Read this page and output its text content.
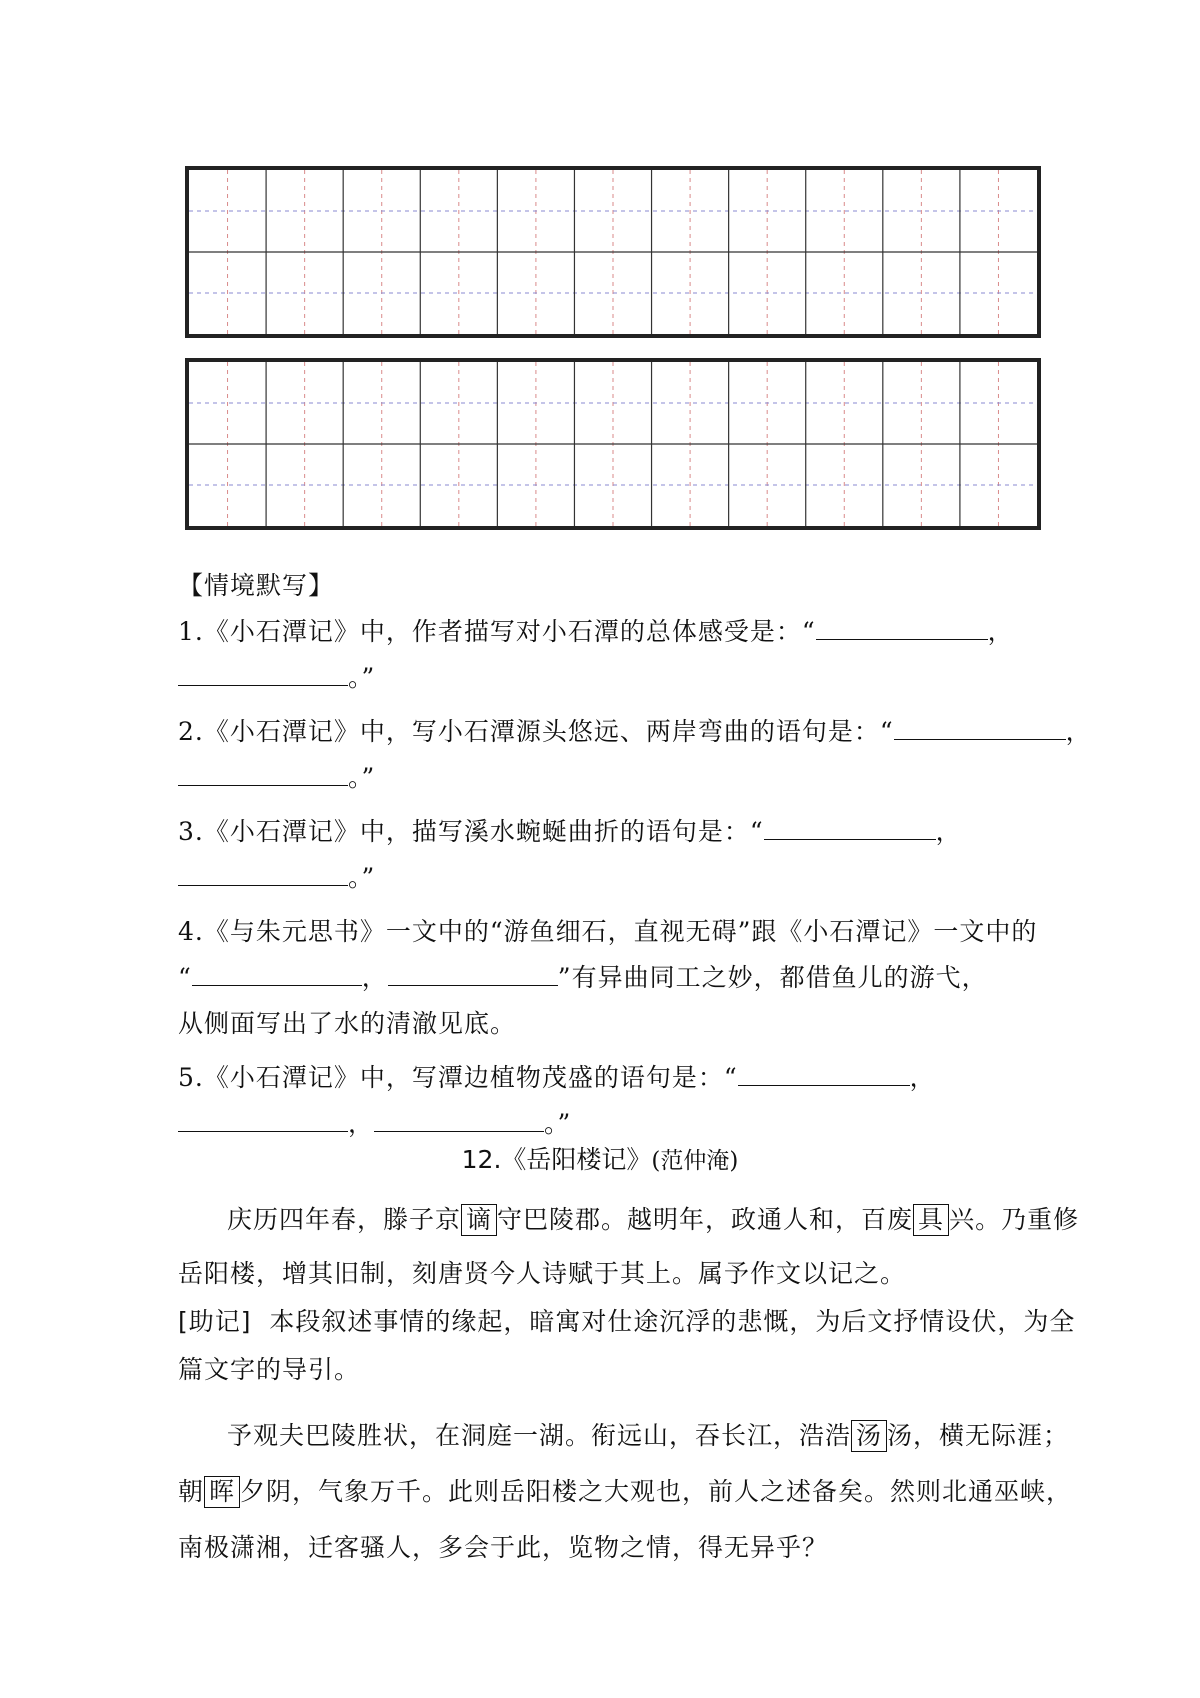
【情境默写】
1.《小石潭记》中，作者描写对小石潭的总体感受是：“	，
。”
2.《小石潭记》中，写小石潭源头悠远、两岸弯曲的语句是：“	，
。”
3.《小石潭记》中，描写溪水蜿蜒曲折的语句是：“	，
。”
4.《与朱元思书》一文中的“游鱼细石，直视无碍”跟《小石潭记》一文中的
“	，	”有异曲同工之妙，都借鱼儿的游弋，
从侧面写出了水的清澈见底。
5.《小石潭记》中，写潭边植物茂盛的语句是：“	，
，	。”
12.《岳阳楼记》(范仲淹)
庆历四年春，滕子京 谪 守巴陵郡。越明年，政通人和，百废 具 兴。乃重修
岳阳楼，增其旧制，刻唐贤今人诗赋于其上。属予作文以记之。
[助记] 本段叙述事情的缘起，暗寓对仕途沉浮的悲慨，为后文抒情设伏，为全
篇文字的导引。
予观夫巴陵胜状，在洞庭一湖。衔远山，吞长江，浩浩 汤 汤，横无际涯；
朝 晖 夕阴，气象万千。此则岳阳楼之大观也，前人之述备矣。然则北通巫峡，
南极潇湘，迁客骚人，多会于此，览物之情，得无异乎？
